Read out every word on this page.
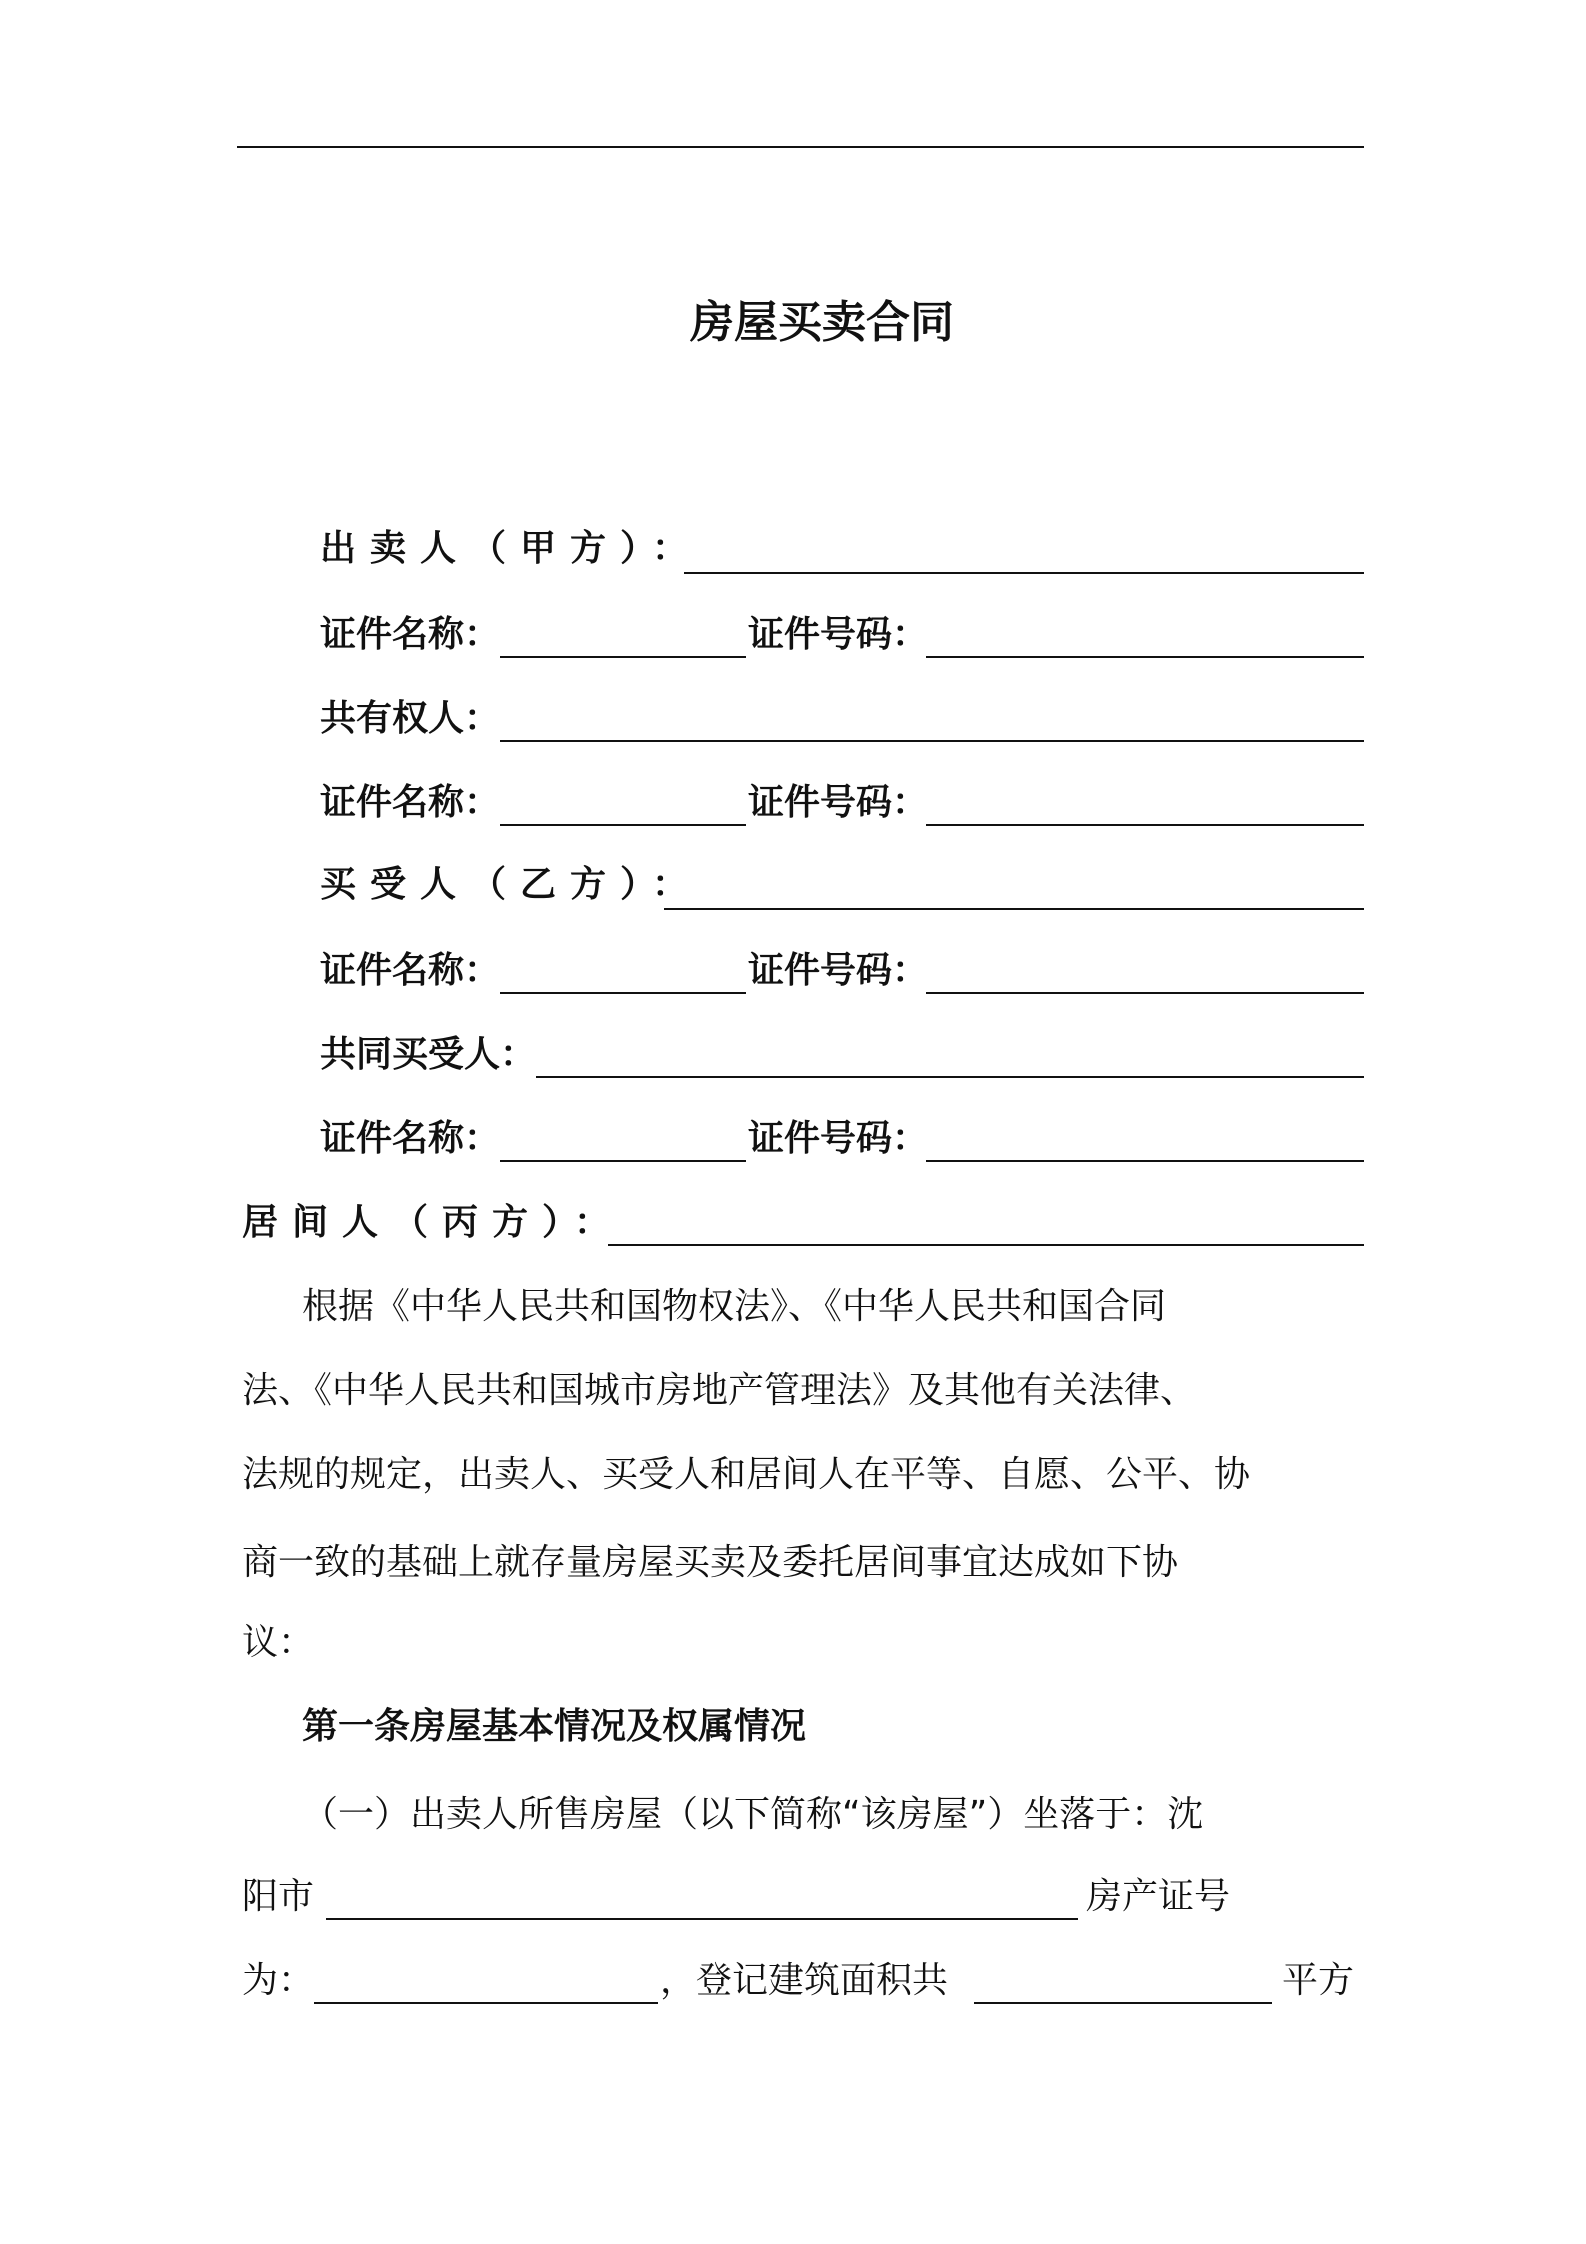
房屋买卖合同
出卖人（甲方）：
证件名称：	证件号码：
共有权人：
证件名称：	证件号码：
买受人（乙方）：
证件名称：	证件号码：
共同买受人：
证件名称：	证件号码：
居间人（丙方）：
根据《中华人民共和国物权法》、《中华人民共和国合同
法、《中华人民共和国城市房地产管理法》及其他有关法律、
法规的规定，出卖人、买受人和居间人在平等、自愿、公平、协
商一致的基础上就存量房屋买卖及委托居间事宜达成如下协
议：
第一条房屋基本情况及权属情况
（一）出卖人所售房屋（以下简称“该房屋”）坐落于：沈
阳市	房产证号
为：	，登记建筑面积共	平方
